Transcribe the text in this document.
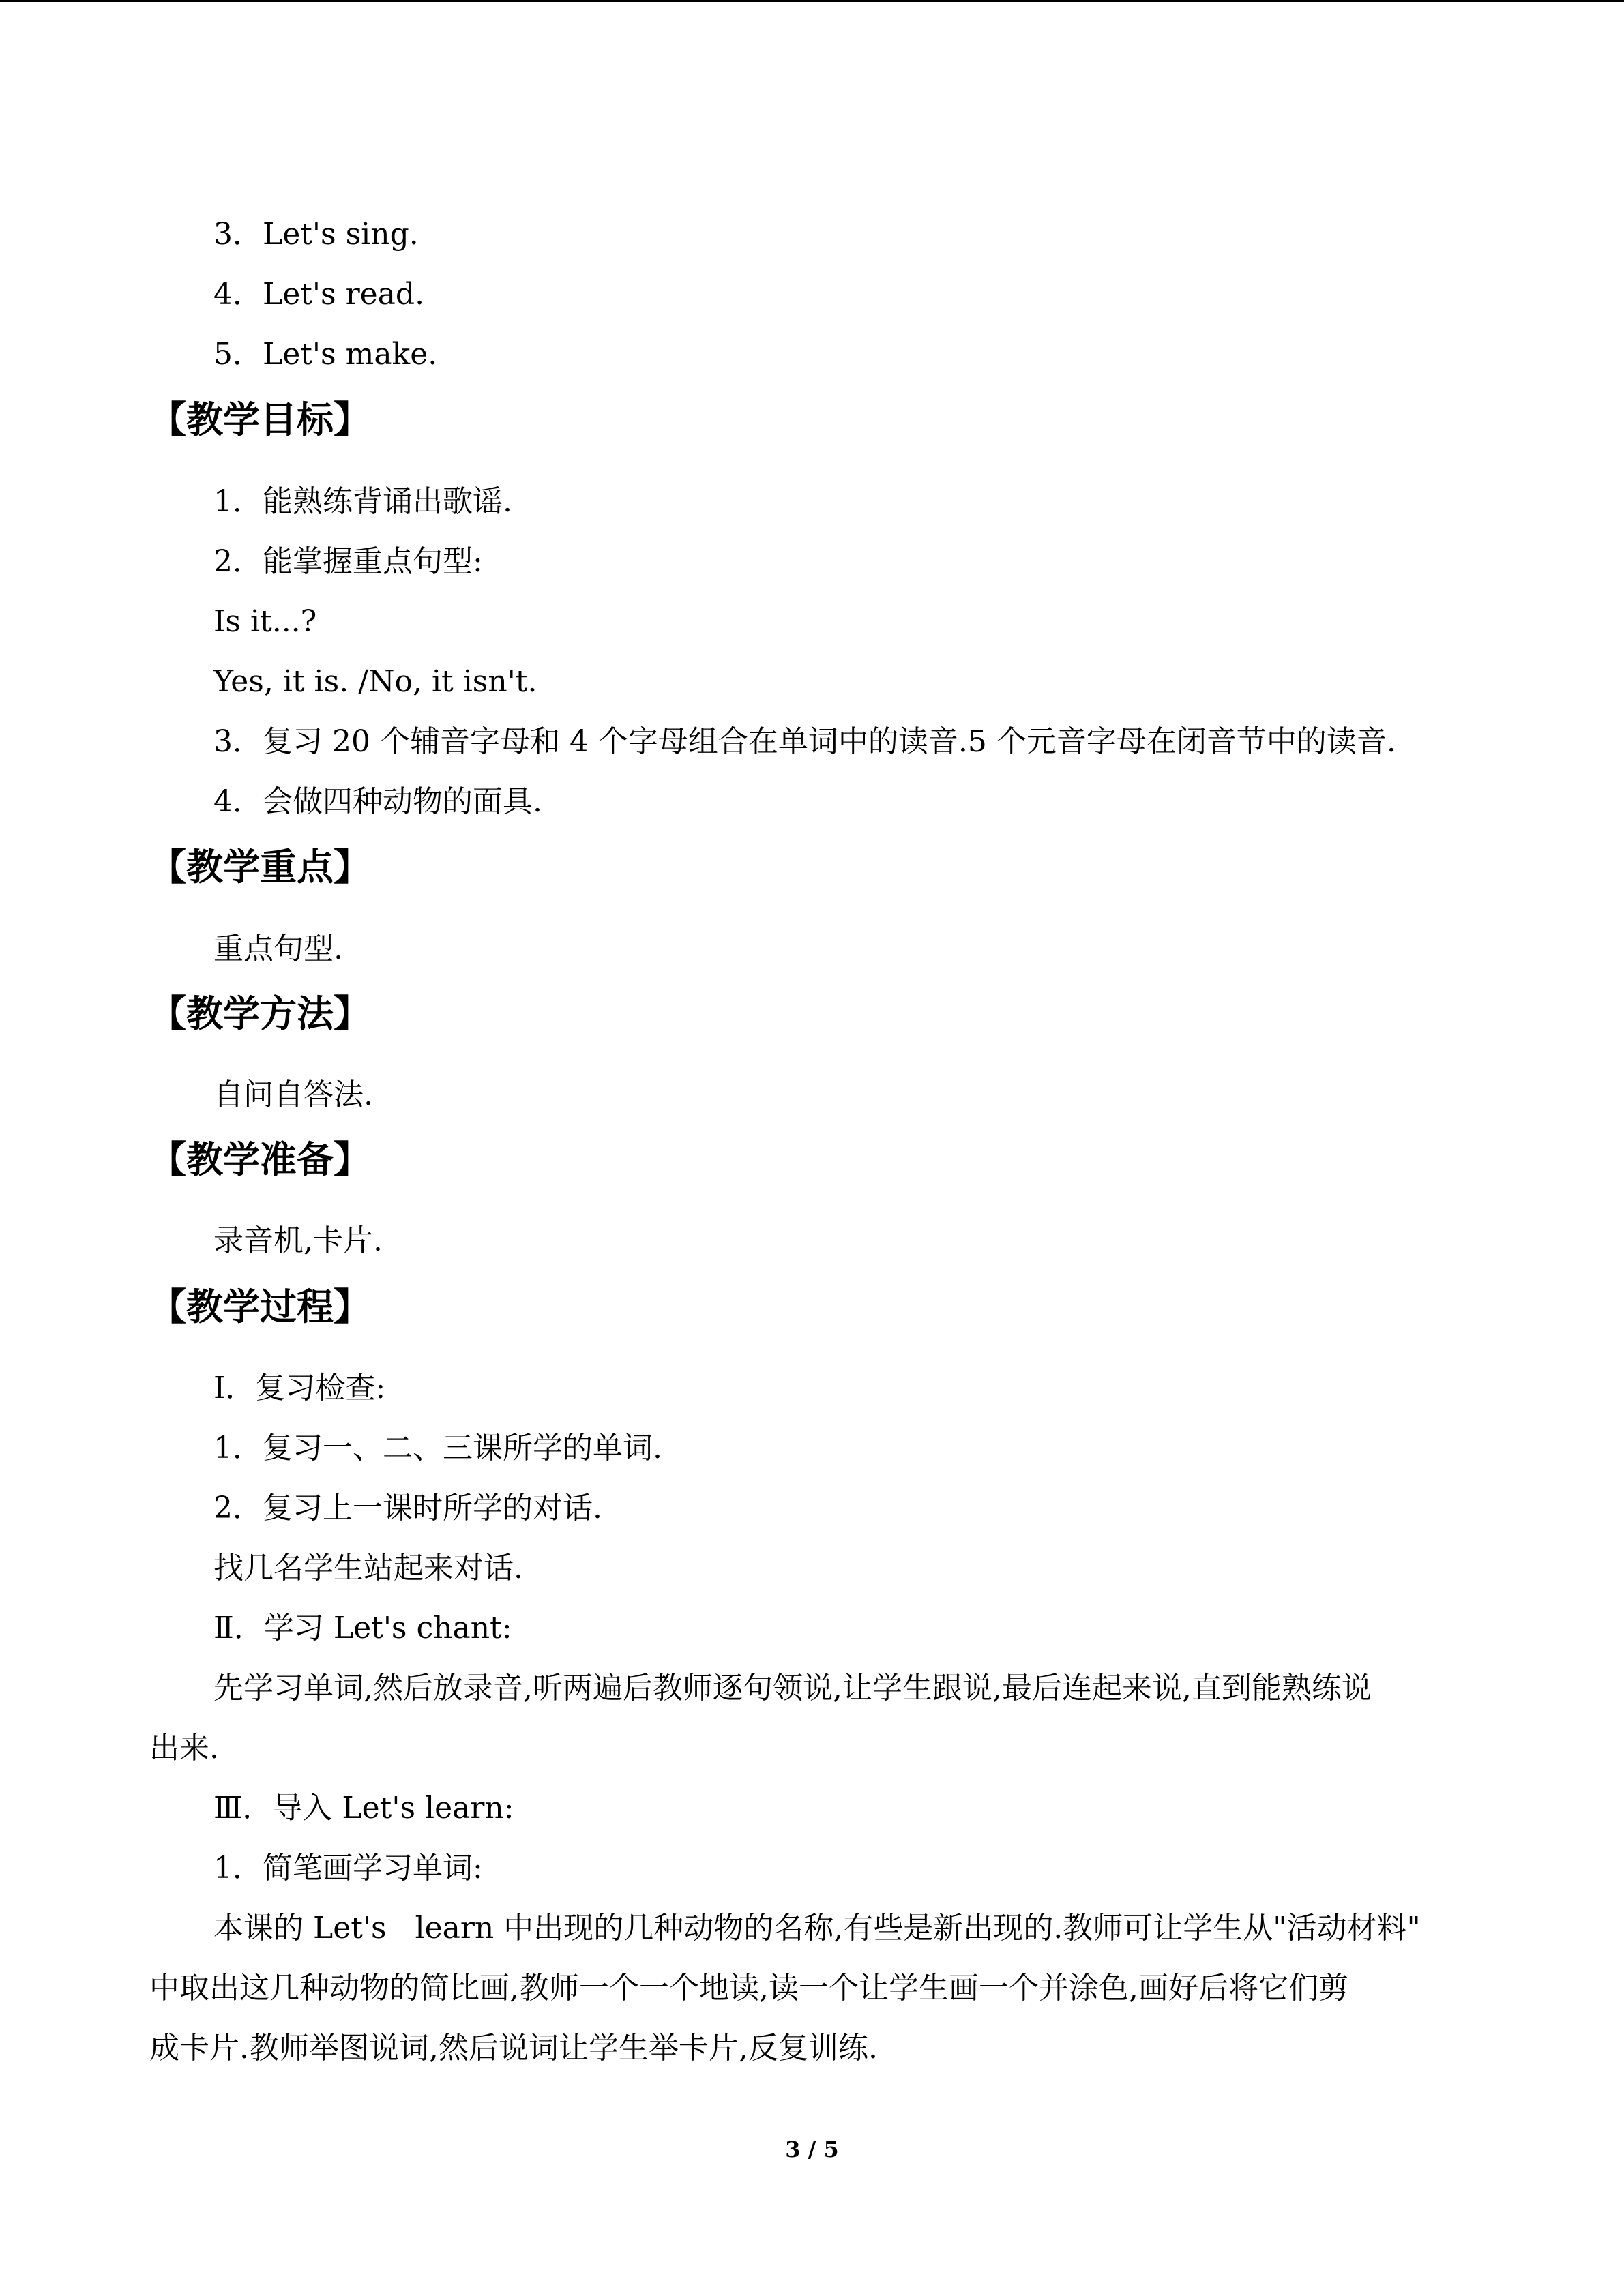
3．Let's sing.
4．Let's read.
5．Let's make.
【教学目标】
1．能熟练背诵出歌谣.
2．能掌握重点句型:
Is it...?
Yes, it is. /No, it isn't.
3．复习 20 个辅音字母和 4 个字母组合在单词中的读音.5 个元音字母在闭音节中的读音.
4．会做四种动物的面具.
【教学重点】
重点句型.
【教学方法】
自问自答法.
【教学准备】
录音机,卡片.
【教学过程】
Ⅰ．复习检查:
1．复习一、二、三课所学的单词.
2．复习上一课时所学的对话.
找几名学生站起来对话.
Ⅱ．学习 Let's chant:
先学习单词,然后放录音,听两遍后教师逐句领说,让学生跟说,最后连起来说,直到能熟练说
出来.
Ⅲ．导入 Let's learn:
1．简笔画学习单词:
本课的 Let's   learn 中出现的几种动物的名称,有些是新出现的.教师可让学生从"活动材料"
中取出这几种动物的简比画,教师一个一个地读,读一个让学生画一个并涂色,画好后将它们剪
成卡片.教师举图说词,然后说词让学生举卡片,反复训练.
3 / 5
